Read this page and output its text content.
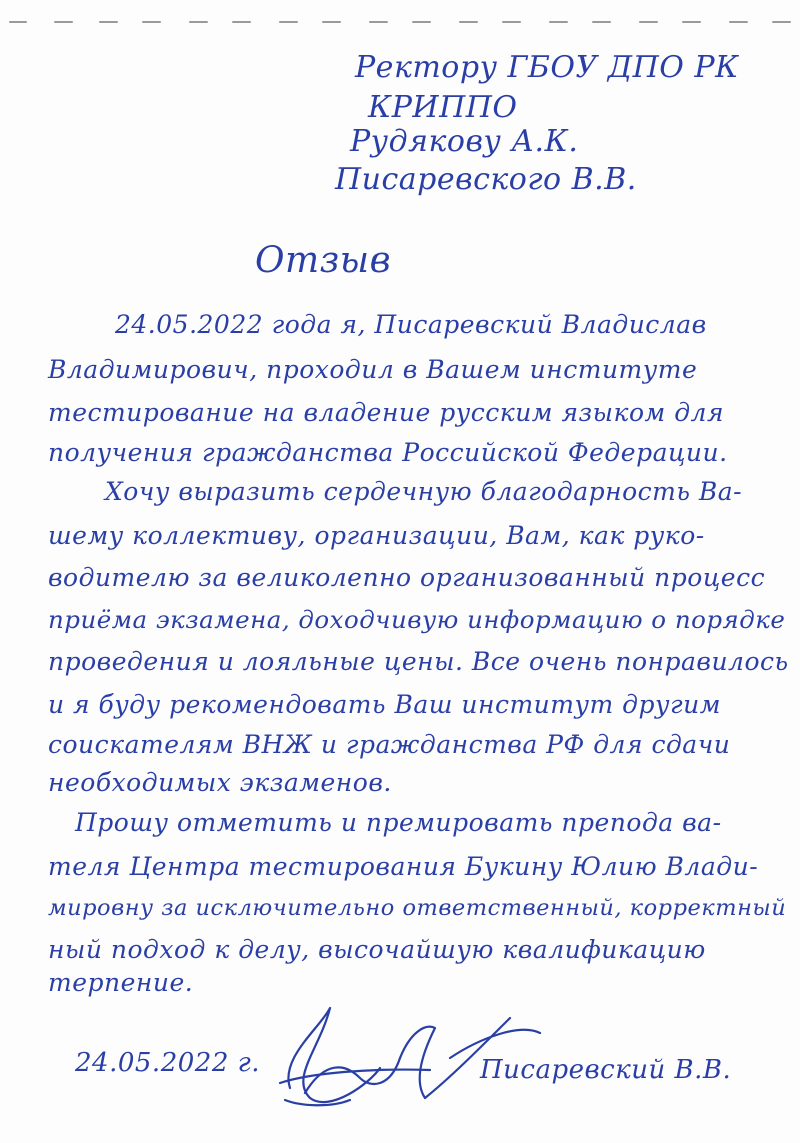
Ректору ГБОУ ДПО РК

КРИППО

Рудякову А.К.

Писаревского В.В.

Отзыв

24.05.2022 года я, Писаревский Владислав

Владимирович, проходил в Вашем институте

тестирование на владение русским языком для

получения гражданства Российской Федерации.

Хочу выразить сердечную благодарность Ва-

шему коллективу, организации, Вам, как руко-

водителю за великолепно организованный процесс

приёма экзамена, доходчивую информацию о порядке

проведения и лояльные цены. Все очень понравилось

и я буду рекомендовать Ваш институт другим

соискателям ВНЖ и гражданства РФ для сдачи

необходимых экзаменов.

Прошу отметить и премировать препода ва-

теля Центра тестирования Букину Юлию Влади-

мировну за исключительно ответственный, корректный

ный подход к делу, высочайшую квалификацию

терпение.

24.05.2022 г.	Писаревский В.В.
